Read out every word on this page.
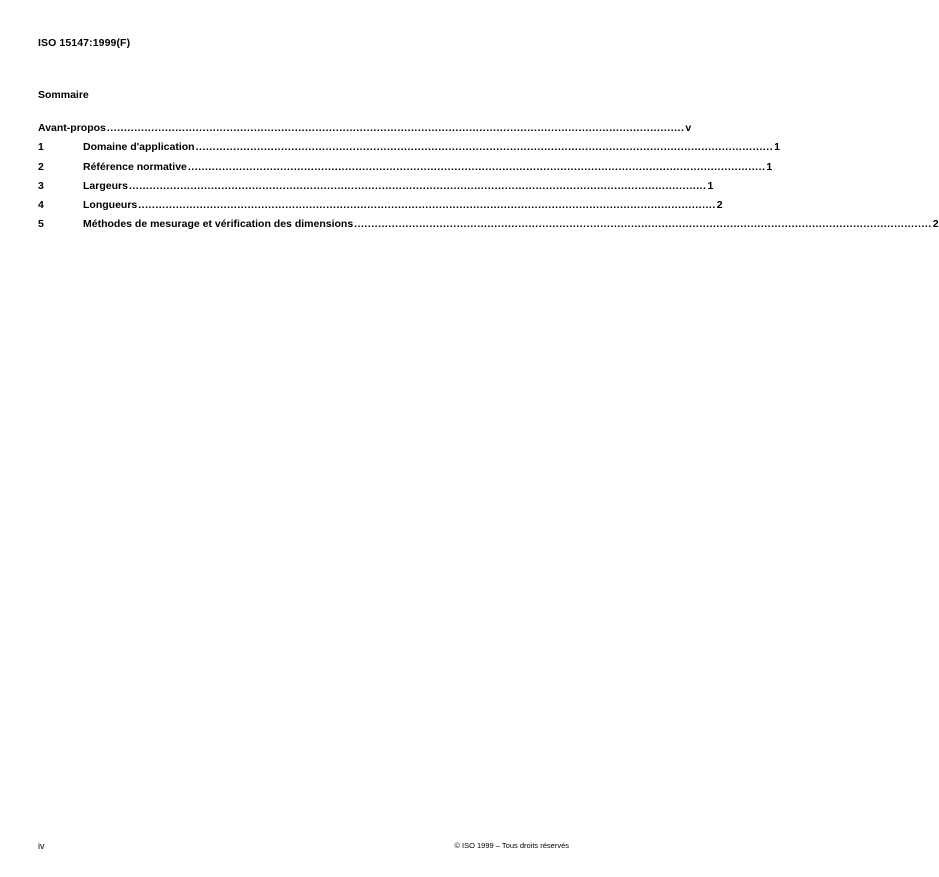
ISO 15147:1999(F)
Sommaire
Avant-propos ......................................................................................................................................................................... v
1	Domaine d'application ......................................................................................................................................................................... 1
2	Référence normative ......................................................................................................................................................................... 1
3	Largeurs ......................................................................................................................................................................... 1
4	Longueurs ......................................................................................................................................................................... 2
5	Méthodes de mesurage et vérification des dimensions ......................................................................................................................................................................... 2
iv	© ISO 1999 – Tous droits réservés
